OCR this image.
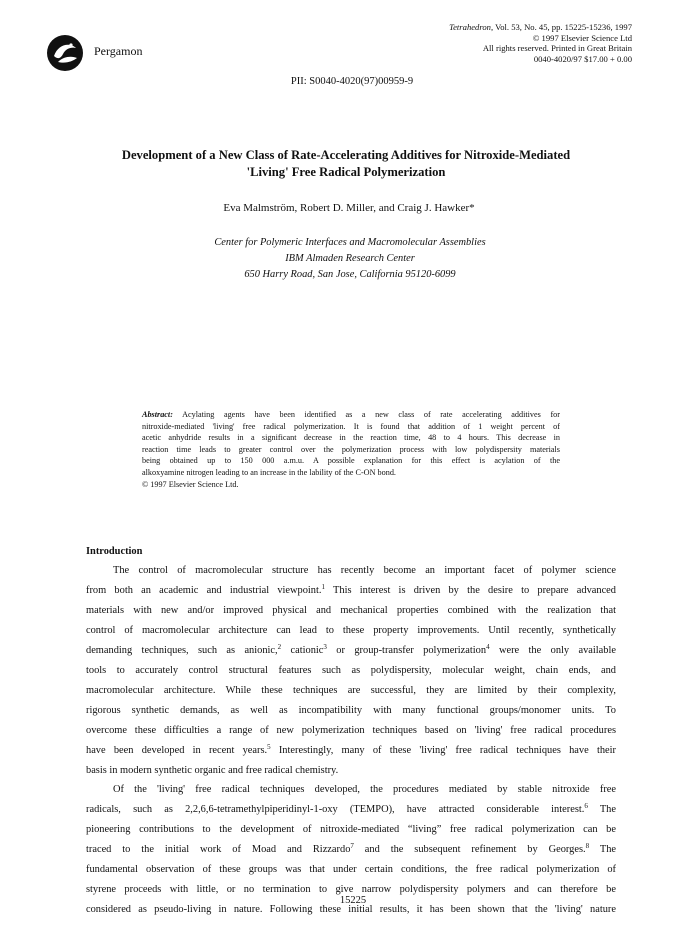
Pergamon
Tetrahedron, Vol. 53, No. 45, pp. 15225-15236, 1997
© 1997 Elsevier Science Ltd
All rights reserved. Printed in Great Britain
0040-4020/97 $17.00 + 0.00
PII: S0040-4020(97)00959-9
Development of a New Class of Rate-Accelerating Additives for Nitroxide-Mediated
'Living' Free Radical Polymerization
Eva Malmström, Robert D. Miller, and Craig J. Hawker*
Center for Polymeric Interfaces and Macromolecular Assemblies
IBM Almaden Research Center
650 Harry Road, San Jose, California 95120-6099
Abstract: Acylating agents have been identified as a new class of rate accelerating additives for
nitroxide-mediated 'living' free radical polymerization. It is found that addition of 1 weight percent of
acetic anhydride results in a significant decrease in the reaction time, 48 to 4 hours. This decrease in
reaction time leads to greater control over the polymerization process with low polydispersity materials
being obtained up to 150 000 a.m.u. A possible explanation for this effect is acylation of the
alkoxyamine nitrogen leading to an increase in the lability of the C-ON bond.
© 1997 Elsevier Science Ltd.
Introduction
The control of macromolecular structure has recently become an important facet of polymer science
from both an academic and industrial viewpoint.$^1$ This interest is driven by the desire to prepare advanced
materials with new and/or improved physical and mechanical properties combined with the realization that
control of macromolecular architecture can lead to these property improvements. Until recently, synthetically
demanding techniques, such as anionic,$^2$ cationic$^3$ or group-transfer polymerization$^4$ were the only available
tools to accurately control structural features such as polydispersity, molecular weight, chain ends, and
macromolecular architecture. While these techniques are successful, they are limited by their complexity,
rigorous synthetic demands, as well as incompatibility with many functional groups/monomer units. To
overcome these difficulties a range of new polymerization techniques based on 'living' free radical procedures
have been developed in recent years.$^5$ Interestingly, many of these 'living' free radical techniques have their
basis in modern synthetic organic and free radical chemistry.
Of the 'living' free radical techniques developed, the procedures mediated by stable nitroxide free
radicals, such as 2,2,6,6-tetramethylpiperidinyl-1-oxy (TEMPO), have attracted considerable interest.$^6$ The
pioneering contributions to the development of nitroxide-mediated “living” free radical polymerization can be
traced to the initial work of Moad and Rizzardo$^7$ and the subsequent refinement by Georges.$^8$ The
fundamental observation of these groups was that under certain conditions, the free radical polymerization of
styrene proceeds with little, or no termination to give narrow polydispersity polymers and can therefore be
considered as pseudo-living in nature. Following these initial results, it has been shown that the 'living' nature
15225
